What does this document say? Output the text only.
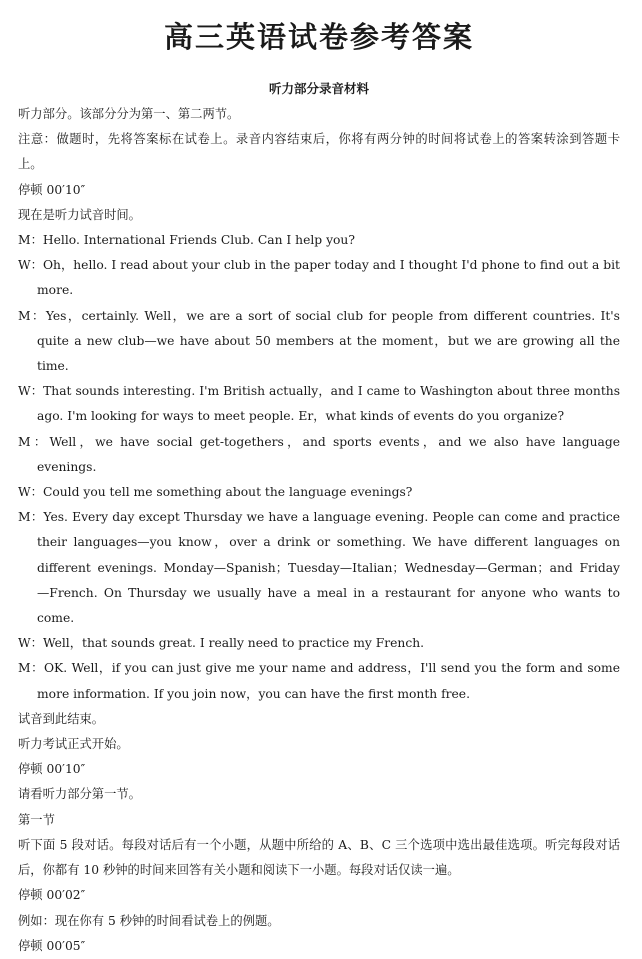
高三英语试卷参考答案
听力部分录音材料

听力部分。该部分分为第一、第二两节。

注意：做题时，先将答案标在试卷上。录音内容结束后，你将有两分钟的时间将试卷上的答案转涂到答题卡上。

停顿 00′10″

现在是听力试音时间。

M：Hello. International Friends Club. Can I help you?

W：Oh，hello. I read about your club in the paper today and I thought I'd phone to find out a bit more.

M：Yes，certainly. Well，we are a sort of social club for people from different countries. It's quite a new club—we have about 50 members at the moment，but we are growing all the time.

W：That sounds interesting. I'm British actually，and I came to Washington about three months ago. I'm looking for ways to meet people. Er，what kinds of events do you organize?

M：Well，we have social get-togethers，and sports events，and we also have language evenings.

W：Could you tell me something about the language evenings?

M：Yes. Every day except Thursday we have a language evening. People can come and practice their languages—you know，over a drink or something. We have different languages on different evenings. Monday—Spanish；Tuesday—Italian；Wednesday—German；and Friday—French. On Thursday we usually have a meal in a restaurant for anyone who wants to come.

W：Well，that sounds great. I really need to practice my French.

M：OK. Well，if you can just give me your name and address，I'll send you the form and some more information. If you join now，you can have the first month free.

试音到此结束。

听力考试正式开始。

停顿 00′10″

请看听力部分第一节。

第一节

听下面 5 段对话。每段对话后有一个小题，从题中所给的 A、B、C 三个选项中选出最佳选项。听完每段对话后，你都有 10 秒钟的时间来回答有关小题和阅读下一小题。每段对话仅读一遍。

停顿 00′02″

例如：现在你有 5 秒钟的时间看试卷上的例题。

停顿 00′05″
